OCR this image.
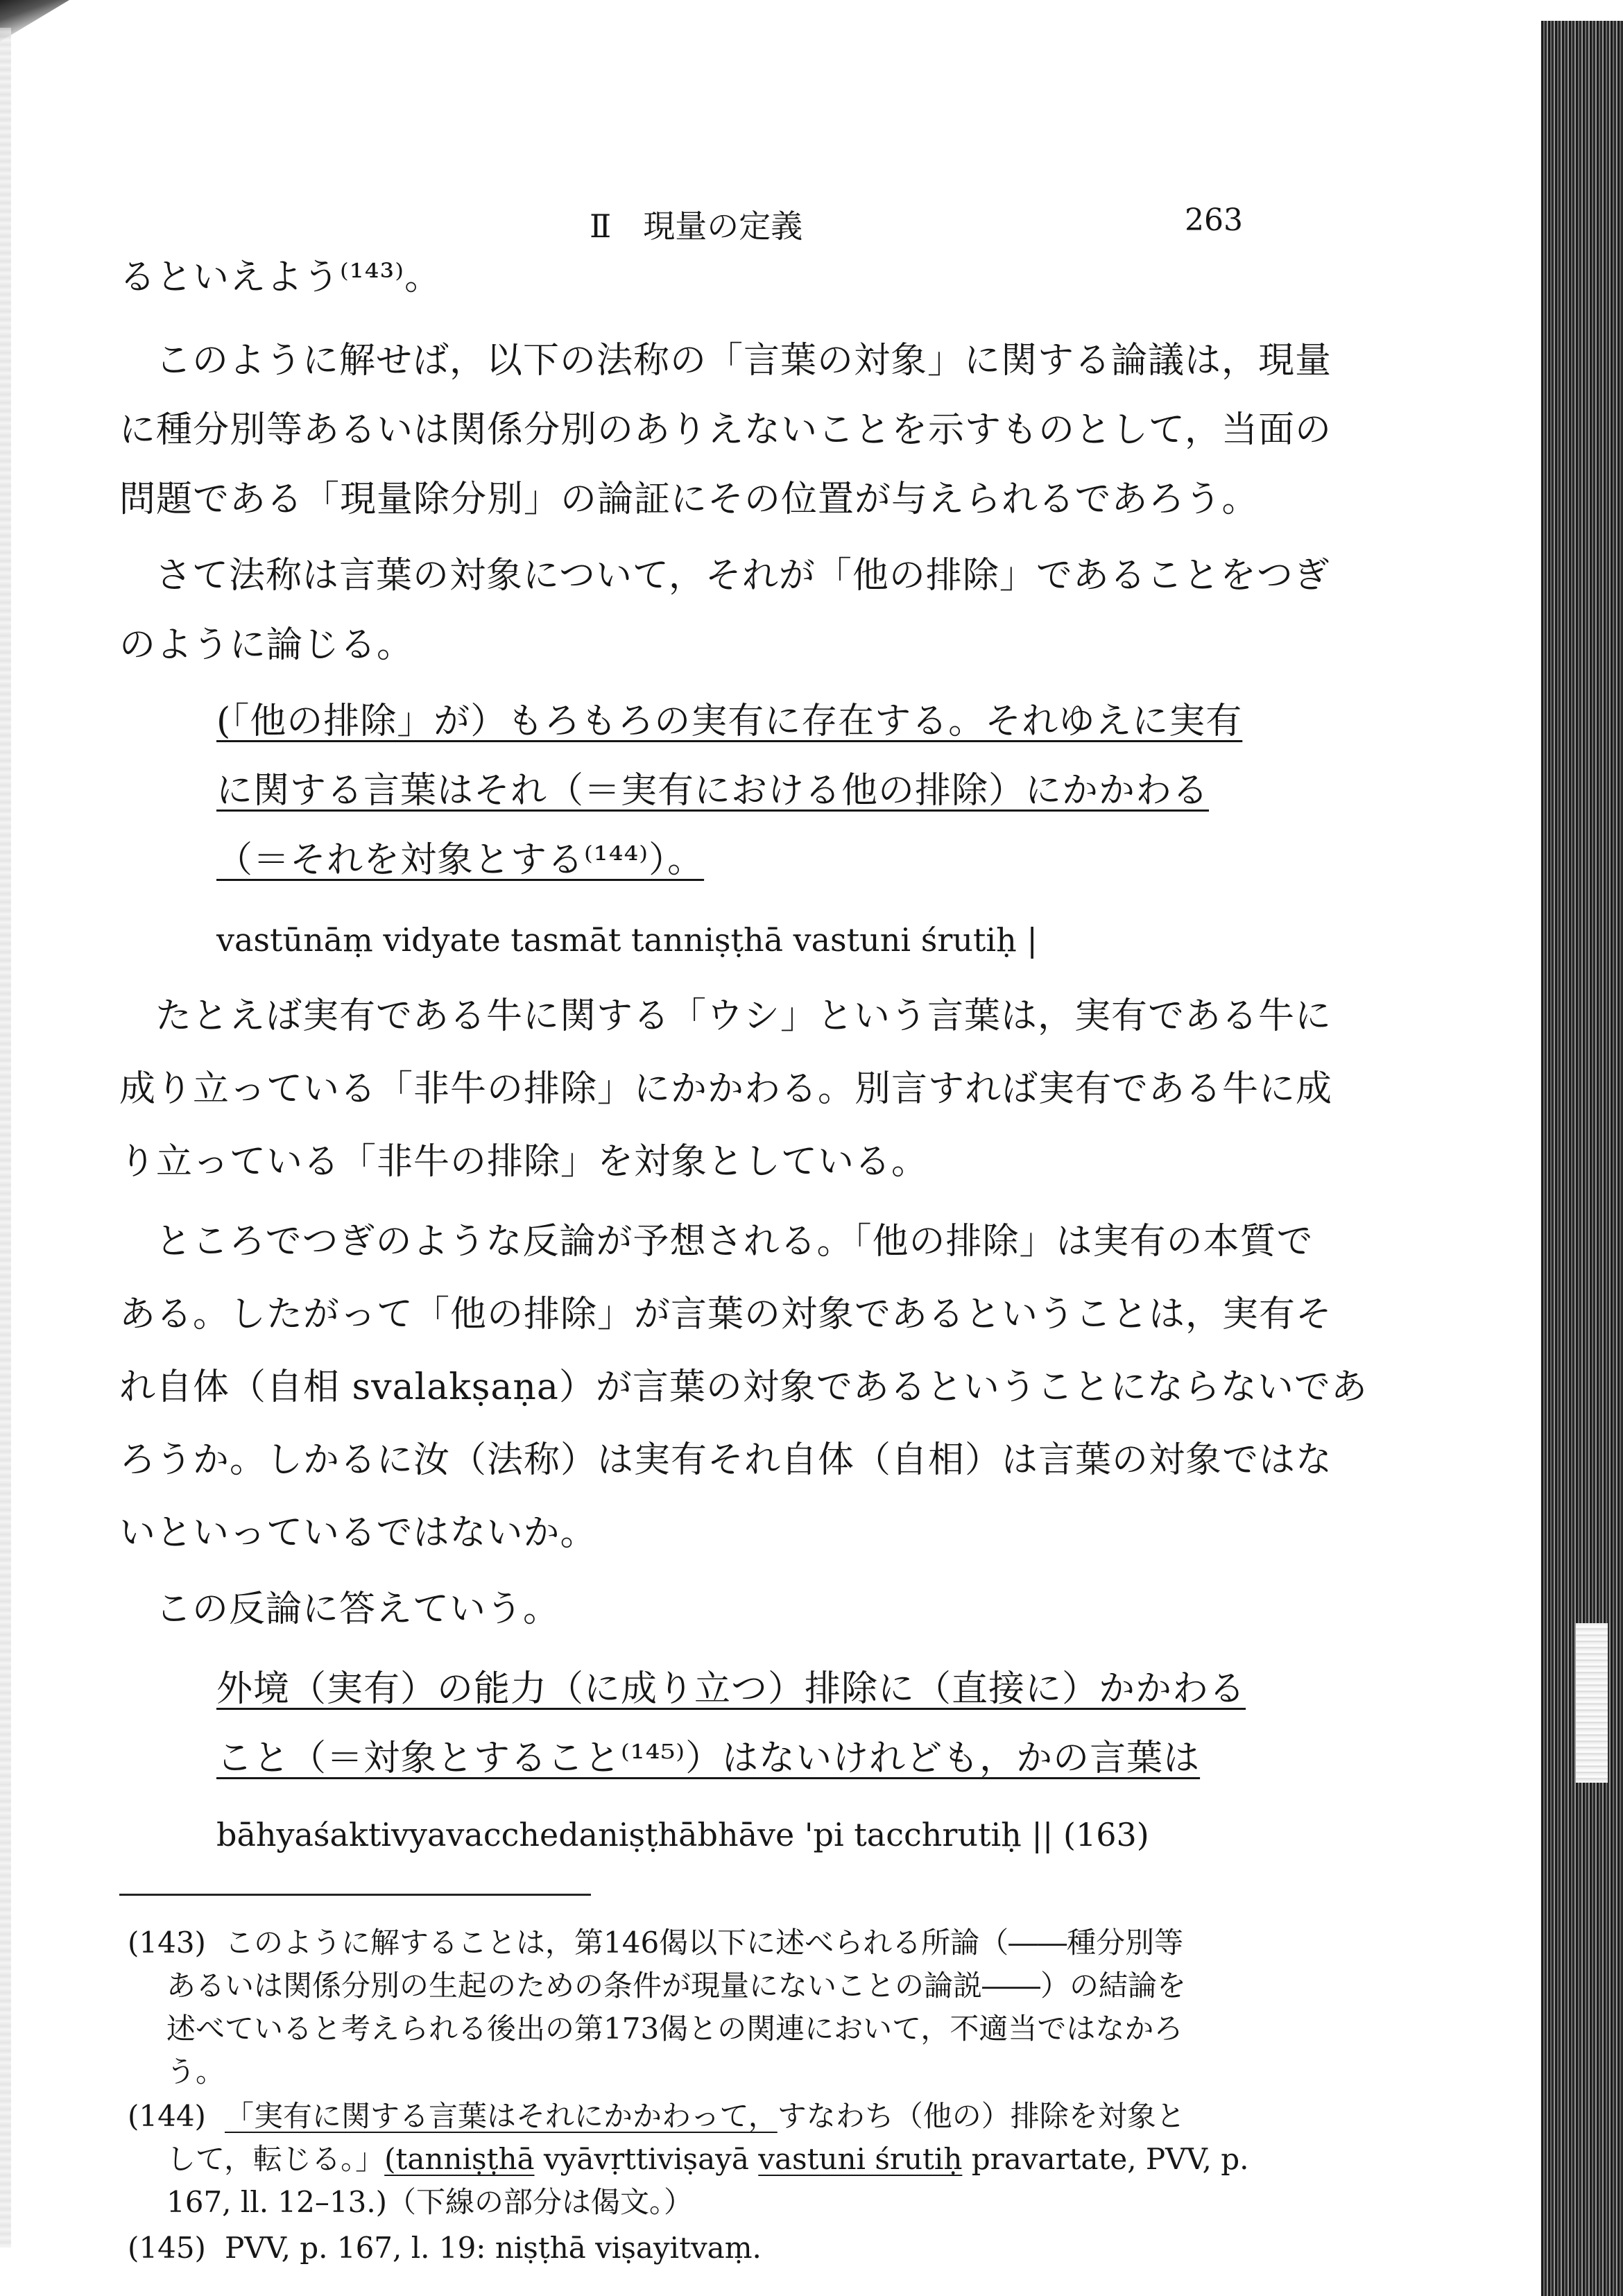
Ⅱ　現量の定義	263
るといえよう⁽¹⁴³⁾。
このように解せば，以下の法称の「言葉の対象」に関する論議は，現量
に種分別等あるいは関係分別のありえないことを示すものとして，当面の
問題である「現量除分別」の論証にその位置が与えられるであろう。
さて法称は言葉の対象について，それが「他の排除」であることをつぎ
のように論じる。
(「他の排除」が）もろもろの実有に存在する。それゆえに実有
に関する言葉はそれ（＝実有における他の排除）にかかわる
（＝それを対象とする⁽¹⁴⁴⁾）。
vastūnāṃ vidyate tasmāt tanniṣṭhā vastuni śrutiḥ |
たとえば実有である牛に関する「ウシ」という言葉は，実有である牛に
成り立っている「非牛の排除」にかかわる。別言すれば実有である牛に成
り立っている「非牛の排除」を対象としている。
ところでつぎのような反論が予想される。「他の排除」は実有の本質で
ある。したがって「他の排除」が言葉の対象であるということは，実有そ
れ自体（自相 svalakṣaṇa）が言葉の対象であるということにならないであ
ろうか。しかるに汝（法称）は実有それ自体（自相）は言葉の対象ではな
いといっているではないか。
この反論に答えていう。
外境（実有）の能力（に成り立つ）排除に（直接に）かかわる
こと（＝対象とすること⁽¹⁴⁵⁾）はないけれども，かの言葉は
bāhyaśaktivyavacchedaniṣṭhābhāve 'pi tacchrutiḥ || (163)
(143) このように解することは，第146偈以下に述べられる所論（――種分別等
あるいは関係分別の生起のための条件が現量にないことの論説――）の結論を
述べていると考えられる後出の第173偈との関連において，不適当ではなかろ
う。
(144) 「実有に関する言葉はそれにかかわって，すなわち（他の）排除を対象と
して，転じる。」(tanniṣṭhā vyāvṛttiviṣayā vastuni śrutiḥ pravartate, PVV, p.
167, ll. 12–13.)（下線の部分は偈文。）
(145) PVV, p. 167, l. 19: niṣṭhā viṣayitvaṃ.
